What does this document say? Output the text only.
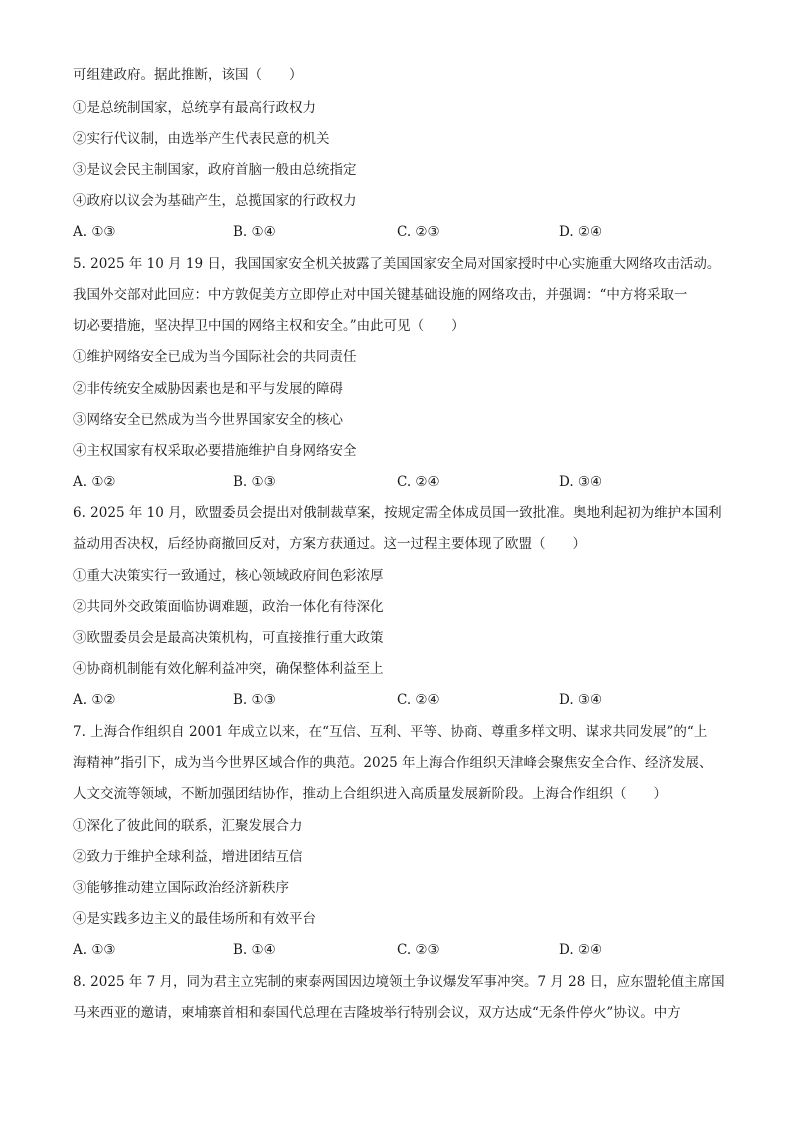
可组建政府。据此推断，该国（　　）
①是总统制国家，总统享有最高行政权力
②实行代议制，由选举产生代表民意的机关
③是议会民主制国家，政府首脑一般由总统指定
④政府以议会为基础产生，总揽国家的行政权力
A. ①③	B. ①④	C. ②③	D. ②④
5. 2025 年 10 月 19 日，我国国家安全机关披露了美国国家安全局对国家授时中心实施重大网络攻击活动。
我国外交部对此回应：中方敦促美方立即停止对中国关键基础设施的网络攻击，并强调：“中方将采取一
切必要措施，坚决捍卫中国的网络主权和安全。”由此可见（　　）
①维护网络安全已成为当今国际社会的共同责任
②非传统安全威胁因素也是和平与发展的障碍
③网络安全已然成为当今世界国家安全的核心
④主权国家有权采取必要措施维护自身网络安全
A. ①②	B. ①③	C. ②④	D. ③④
6. 2025 年 10 月，欧盟委员会提出对俄制裁草案，按规定需全体成员国一致批准。奥地利起初为维护本国利
益动用否决权，后经协商撤回反对，方案方获通过。这一过程主要体现了欧盟（　　）
①重大决策实行一致通过，核心领域政府间色彩浓厚
②共同外交政策面临协调难题，政治一体化有待深化
③欧盟委员会是最高决策机构，可直接推行重大政策
④协商机制能有效化解利益冲突，确保整体利益至上
A. ①②	B. ①③	C. ②④	D. ③④
7. 上海合作组织自 2001 年成立以来，在“互信、互利、平等、协商、尊重多样文明、谋求共同发展”的“上
海精神”指引下，成为当今世界区域合作的典范。2025 年上海合作组织天津峰会聚焦安全合作、经济发展、
人文交流等领域，不断加强团结协作，推动上合组织进入高质量发展新阶段。上海合作组织（　　）
①深化了彼此间的联系，汇聚发展合力
②致力于维护全球利益，增进团结互信
③能够推动建立国际政治经济新秩序
④是实践多边主义的最佳场所和有效平台
A. ①③	B. ①④	C. ②③	D. ②④
8. 2025 年 7 月，同为君主立宪制的柬泰两国因边境领土争议爆发军事冲突。7 月 28 日，应东盟轮值主席国
马来西亚的邀请，柬埔寨首相和泰国代总理在吉隆坡举行特别会议，双方达成“无条件停火”协议。中方
